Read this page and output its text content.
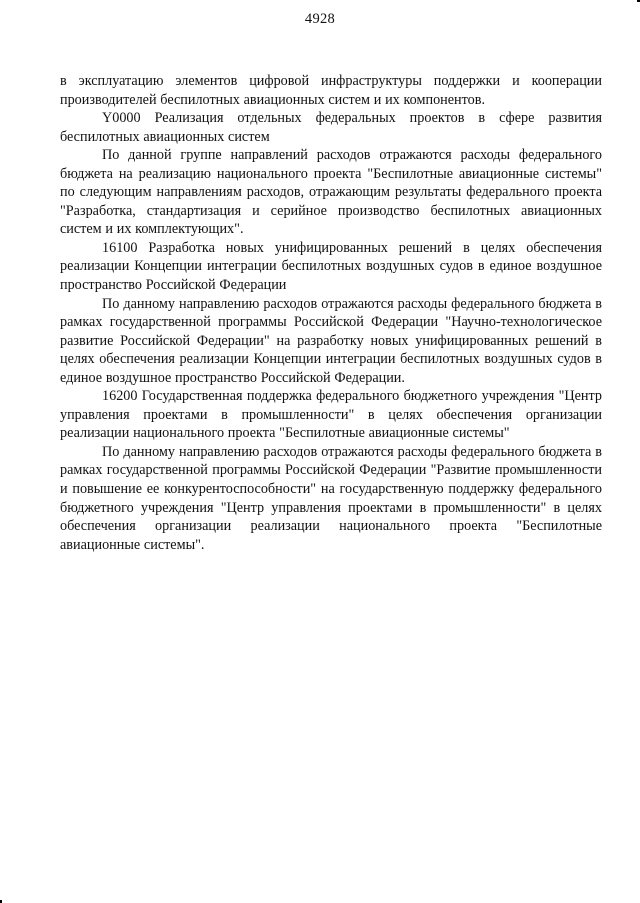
4928

в эксплуатацию элементов цифровой инфраструктуры поддержки и кооперации производителей беспилотных авиационных систем и их компонентов.

Y0000 Реализация отдельных федеральных проектов в сфере развития беспилотных авиационных систем

По данной группе направлений расходов отражаются расходы федерального бюджета на реализацию национального проекта "Беспилотные авиационные системы" по следующим направлениям расходов, отражающим результаты федерального проекта "Разработка, стандартизация и серийное производство беспилотных авиационных систем и их комплектующих".

16100 Разработка новых унифицированных решений в целях обеспечения реализации Концепции интеграции беспилотных воздушных судов в единое воздушное пространство Российской Федерации

По данному направлению расходов отражаются расходы федерального бюджета в рамках государственной программы Российской Федерации "Научно-технологическое развитие Российской Федерации" на разработку новых унифицированных решений в целях обеспечения реализации Концепции интеграции беспилотных воздушных судов в единое воздушное пространство Российской Федерации.

16200 Государственная поддержка федерального бюджетного учреждения "Центр управления проектами в промышленности" в целях обеспечения организации реализации национального проекта "Беспилотные авиационные системы"

По данному направлению расходов отражаются расходы федерального бюджета в рамках государственной программы Российской Федерации "Развитие промышленности и повышение ее конкурентоспособности" на государственную поддержку федерального бюджетного учреждения "Центр управления проектами в промышленности" в целях обеспечения организации реализации национального проекта "Беспилотные авиационные системы".
